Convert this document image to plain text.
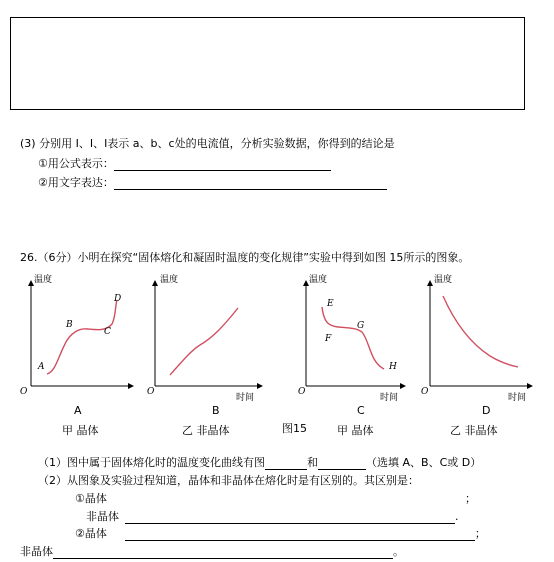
(3) 分别用 I、I、I表示 a、b、c处的电流值，分析实验数据，你得到的结论是
①用公式表示：
②用文字表达：
26.（6分）小明在探究“固体熔化和凝固时温度的变化规律”实验中得到如图 15所示的图象。
温度
O
A
B
C
D
温度
时间
O
温度
时间
O
E
F
G
H
温度
时间
O
A	B	C	D
甲 晶体	乙 非晶体	图15	甲 晶体	乙 非晶体
（1）图中属于固体熔化时的温度变化曲线有图	和	（选填 A、B、C或 D）
（2）从图象及实验过程知道，晶体和非晶体在熔化时是有区别的。其区别是：
①晶体	；
非晶体	.
②晶体	；
非晶体	。
